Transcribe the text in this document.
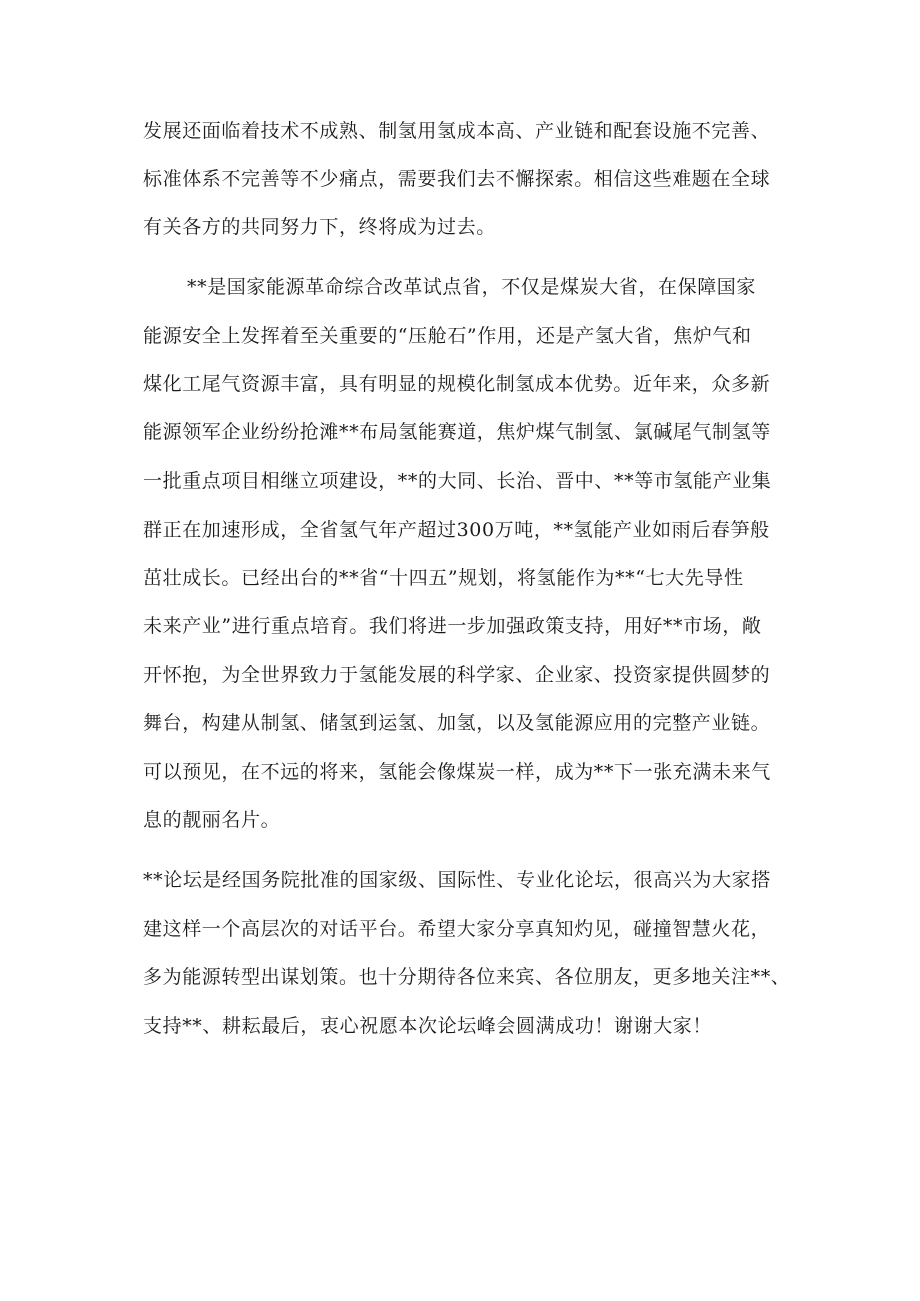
发展还面临着技术不成熟、制氢用氢成本高、产业链和配套设施不完善、
标准体系不完善等不少痛点，需要我们去不懈探索。相信这些难题在全球
有关各方的共同努力下，终将成为过去。
**是国家能源革命综合改革试点省，不仅是煤炭大省，在保障国家
能源安全上发挥着至关重要的“压舱石”作用，还是产氢大省，焦炉气和
煤化工尾气资源丰富，具有明显的规模化制氢成本优势。近年来，众多新
能源领军企业纷纷抢滩**布局氢能赛道，焦炉煤气制氢、氯碱尾气制氢等
一批重点项目相继立项建设，**的大同、长治、晋中、**等市氢能产业集
群正在加速形成，全省氢气年产超过300万吨，**氢能产业如雨后春笋般
茁壮成长。已经出台的**省“十四五”规划，将氢能作为**“七大先导性
未来产业”进行重点培育。我们将进一步加强政策支持，用好**市场，敞
开怀抱，为全世界致力于氢能发展的科学家、企业家、投资家提供圆梦的
舞台，构建从制氢、储氢到运氢、加氢，以及氢能源应用的完整产业链。
可以预见，在不远的将来，氢能会像煤炭一样，成为**下一张充满未来气
息的靓丽名片。
**论坛是经国务院批准的国家级、国际性、专业化论坛，很高兴为大家搭
建这样一个高层次的对话平台。希望大家分享真知灼见，碰撞智慧火花，
多为能源转型出谋划策。也十分期待各位来宾、各位朋友，更多地关注**、
支持**、耕耘最后，衷心祝愿本次论坛峰会圆满成功！谢谢大家！
